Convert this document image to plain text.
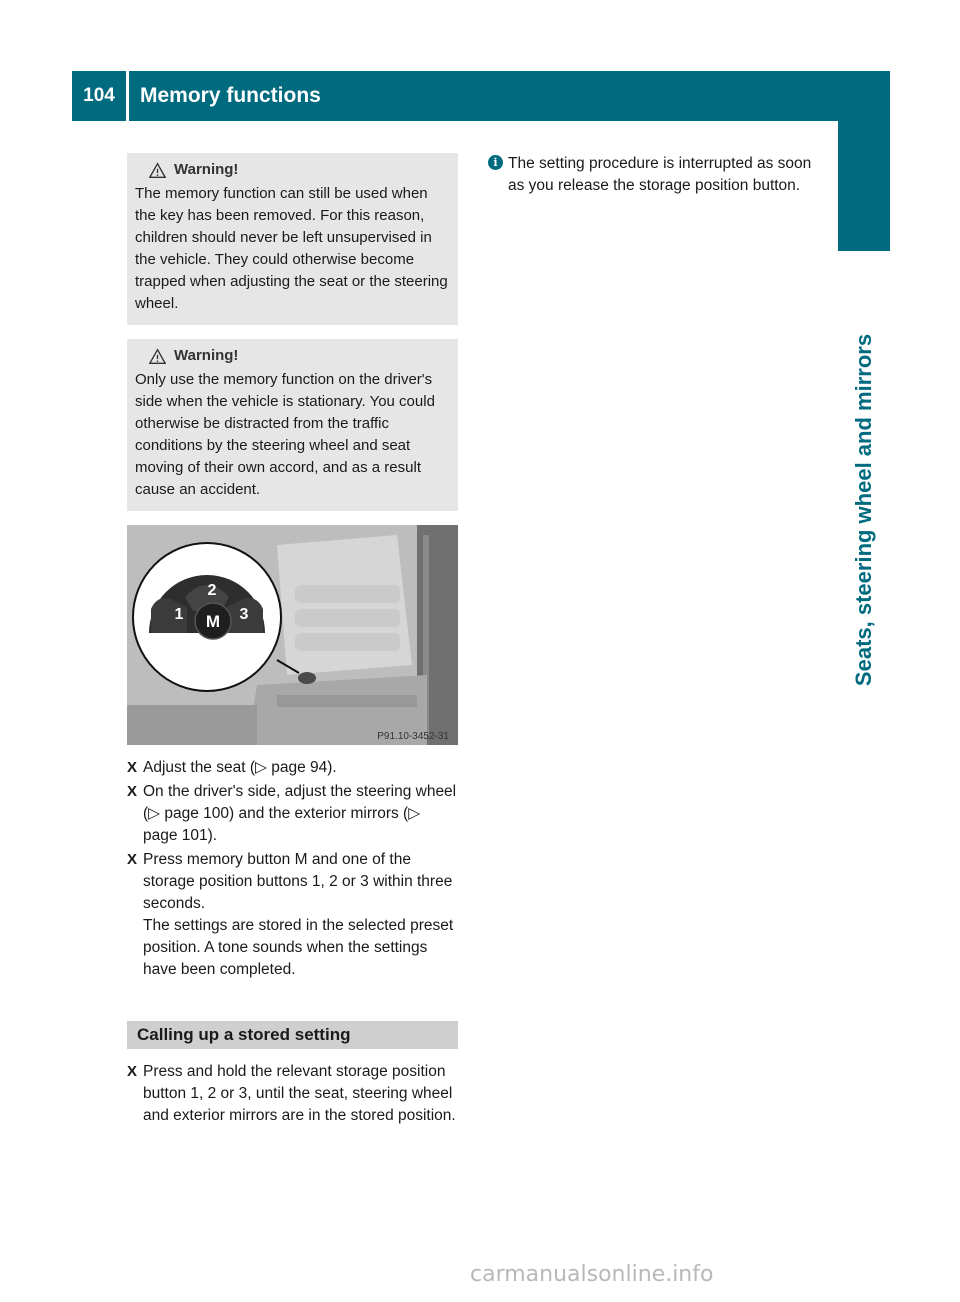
104	Memory functions
Seats, steering wheel and mirrors
Warning!
The memory function can still be used when the key has been removed. For this reason, children should never be left unsupervised in the vehicle. They could otherwise become trapped when adjusting the seat or the steering wheel.
Warning!
Only use the memory function on the driver's side when the vehicle is stationary. You could otherwise be distracted from the traffic conditions by the steering wheel and seat moving of their own accord, and as a result cause an accident.
M
2
1	3
P91.10-3452-31
X Adjust the seat (▷ page 94).
X On the driver's side, adjust the steering wheel (▷ page 100) and the exterior mirrors (▷ page 101).
X Press memory button M and one of the storage position buttons 1, 2 or 3 within three seconds.
The settings are stored in the selected preset position. A tone sounds when the settings have been completed.
Calling up a stored setting
X Press and hold the relevant storage position button 1, 2 or 3, until the seat, steering wheel and exterior mirrors are in the stored position.
i The setting procedure is interrupted as soon as you release the storage position button.
carmanualsonline.info
